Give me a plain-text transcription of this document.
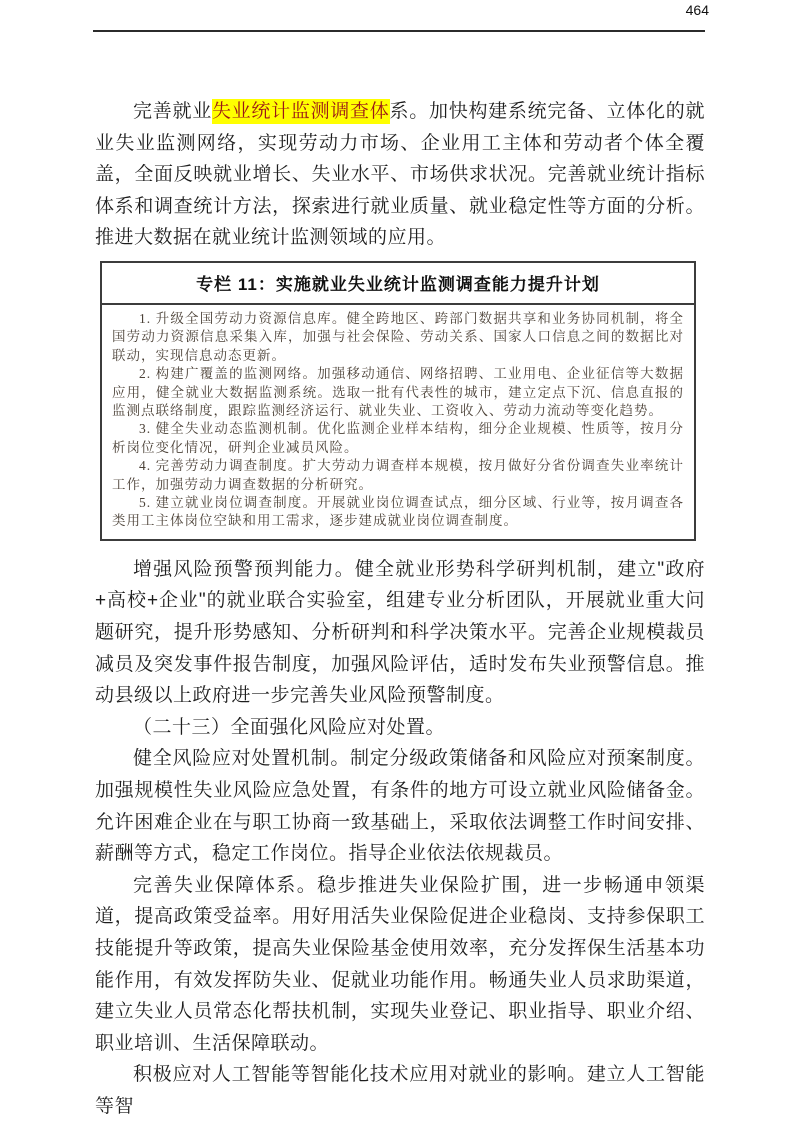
464

完善就业失业统计监测调查体系。加快构建系统完备、立体化的就业失业监测网络，实现劳动力市场、企业用工主体和劳动者个体全覆盖，全面反映就业增长、失业水平、市场供求状况。完善就业统计指标体系和调查统计方法，探索进行就业质量、就业稳定性等方面的分析。推进大数据在就业统计监测领域的应用。

专栏 11：实施就业失业统计监测调查能力提升计划

1. 升级全国劳动力资源信息库。健全跨地区、跨部门数据共享和业务协同机制，将全国劳动力资源信息采集入库，加强与社会保险、劳动关系、国家人口信息之间的数据比对联动，实现信息动态更新。

2. 构建广覆盖的监测网络。加强移动通信、网络招聘、工业用电、企业征信等大数据应用，健全就业大数据监测系统。选取一批有代表性的城市，建立定点下沉、信息直报的监测点联络制度，跟踪监测经济运行、就业失业、工资收入、劳动力流动等变化趋势。

3. 健全失业动态监测机制。优化监测企业样本结构，细分企业规模、性质等，按月分析岗位变化情况，研判企业减员风险。

4. 完善劳动力调查制度。扩大劳动力调查样本规模，按月做好分省份调查失业率统计工作，加强劳动力调查数据的分析研究。

5. 建立就业岗位调查制度。开展就业岗位调查试点，细分区域、行业等，按月调查各类用工主体岗位空缺和用工需求，逐步建成就业岗位调查制度。

增强风险预警预判能力。健全就业形势科学研判机制，建立"政府+高校+企业"的就业联合实验室，组建专业分析团队，开展就业重大问题研究，提升形势感知、分析研判和科学决策水平。完善企业规模裁员减员及突发事件报告制度，加强风险评估，适时发布失业预警信息。推动县级以上政府进一步完善失业风险预警制度。

（二十三）全面强化风险应对处置。

健全风险应对处置机制。制定分级政策储备和风险应对预案制度。加强规模性失业风险应急处置，有条件的地方可设立就业风险储备金。允许困难企业在与职工协商一致基础上，采取依法调整工作时间安排、薪酬等方式，稳定工作岗位。指导企业依法依规裁员。

完善失业保障体系。稳步推进失业保险扩围，进一步畅通申领渠道，提高政策受益率。用好用活失业保险促进企业稳岗、支持参保职工技能提升等政策，提高失业保险基金使用效率，充分发挥保生活基本功能作用，有效发挥防失业、促就业功能作用。畅通失业人员求助渠道，建立失业人员常态化帮扶机制，实现失业登记、职业指导、职业介绍、职业培训、生活保障联动。

积极应对人工智能等智能化技术应用对就业的影响。建立人工智能等智
